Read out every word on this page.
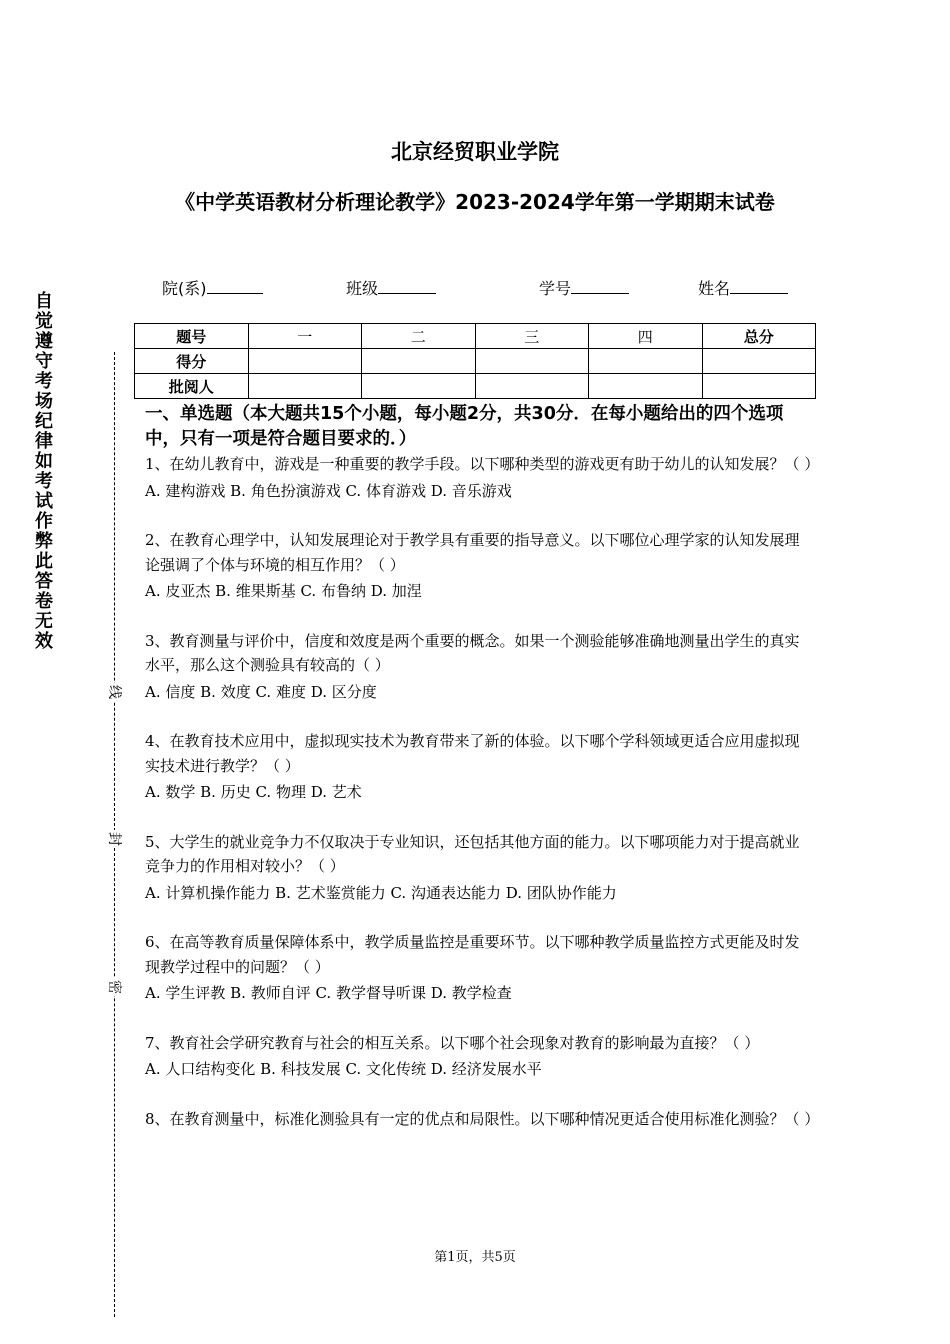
北京经贸职业学院
《中学英语教材分析理论教学》2023-2024学年第一学期期末试卷
院(系)	班级	学号	姓名
题号	一	二	三	四	总分
得分					
批阅人					
自觉遵守考场纪律如考试作弊此答卷无效
线
封
密
一、单选题（本大题共15个小题，每小题2分，共30分．在每小题给出的四个选项中，只有一项是符合题目要求的．）
1、在幼儿教育中，游戏是一种重要的教学手段。以下哪种类型的游戏更有助于幼儿的认知发展？（ ）
A. 建构游戏 B. 角色扮演游戏 C. 体育游戏 D. 音乐游戏
2、在教育心理学中，认知发展理论对于教学具有重要的指导意义。以下哪位心理学家的认知发展理论强调了个体与环境的相互作用？（ ）
A. 皮亚杰 B. 维果斯基 C. 布鲁纳 D. 加涅
3、教育测量与评价中，信度和效度是两个重要的概念。如果一个测验能够准确地测量出学生的真实水平，那么这个测验具有较高的（ ）
A. 信度 B. 效度 C. 难度 D. 区分度
4、在教育技术应用中，虚拟现实技术为教育带来了新的体验。以下哪个学科领域更适合应用虚拟现实技术进行教学？（ ）
A. 数学 B. 历史 C. 物理 D. 艺术
5、大学生的就业竞争力不仅取决于专业知识，还包括其他方面的能力。以下哪项能力对于提高就业竞争力的作用相对较小？（ ）
A. 计算机操作能力 B. 艺术鉴赏能力 C. 沟通表达能力 D. 团队协作能力
6、在高等教育质量保障体系中，教学质量监控是重要环节。以下哪种教学质量监控方式更能及时发现教学过程中的问题？（ ）
A. 学生评教 B. 教师自评 C. 教学督导听课 D. 教学检查
7、教育社会学研究教育与社会的相互关系。以下哪个社会现象对教育的影响最为直接？（ ）
A. 人口结构变化 B. 科技发展 C. 文化传统 D. 经济发展水平
8、在教育测量中，标准化测验具有一定的优点和局限性。以下哪种情况更适合使用标准化测验？（ ）
第1页，共5页
